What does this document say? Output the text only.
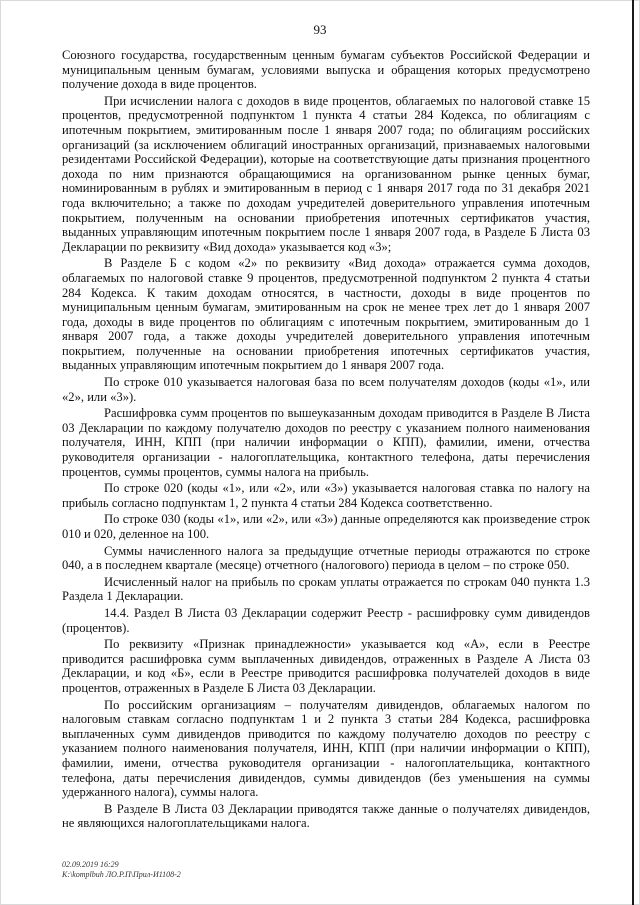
93

Союзного государства, государственным ценным бумагам субъектов Российской Федерации и муниципальным ценным бумагам, условиями выпуска и обращения которых предусмотрено получение дохода в виде процентов.

При исчислении налога с доходов в виде процентов, облагаемых по налоговой ставке 15 процентов, предусмотренной подпунктом 1 пункта 4 статьи 284 Кодекса, по облигациям с ипотечным покрытием, эмитированным после 1 января 2007 года; по облигациям российских организаций (за исключением облигаций иностранных организаций, признаваемых налоговыми резидентами Российской Федерации), которые на соответствующие даты признания процентного дохода по ним признаются обращающимися на организованном рынке ценных бумаг, номинированным в рублях и эмитированным в период с 1 января 2017 года по 31 декабря 2021 года включительно; а также по доходам учредителей доверительного управления ипотечным покрытием, полученным на основании приобретения ипотечных сертификатов участия, выданных управляющим ипотечным покрытием после 1 января 2007 года, в Разделе Б Листа 03 Декларации по реквизиту «Вид дохода» указывается код «3»;

В Разделе Б с кодом «2» по реквизиту «Вид дохода» отражается сумма доходов, облагаемых по налоговой ставке 9 процентов, предусмотренной подпунктом 2 пункта 4 статьи 284 Кодекса. К таким доходам относятся, в частности, доходы в виде процентов по муниципальным ценным бумагам, эмитированным на срок не менее трех лет до 1 января 2007 года, доходы в виде процентов по облигациям с ипотечным покрытием, эмитированным до 1 января 2007 года, а также доходы учредителей доверительного управления ипотечным покрытием, полученные на основании приобретения ипотечных сертификатов участия, выданных управляющим ипотечным покрытием до 1 января 2007 года.

По строке 010 указывается налоговая база по всем получателям доходов (коды «1», или «2», или «3»).

Расшифровка сумм процентов по вышеуказанным доходам приводится в Разделе В Листа 03 Декларации по каждому получателю доходов по реестру с указанием полного наименования получателя, ИНН, КПП (при наличии информации о КПП), фамилии, имени, отчества руководителя организации - налогоплательщика, контактного телефона, даты перечисления процентов, суммы процентов, суммы налога на прибыль.

По строке 020 (коды «1», или «2», или «3») указывается налоговая ставка по налогу на прибыль согласно подпунктам 1, 2 пункта 4 статьи 284 Кодекса соответственно.

По строке 030 (коды «1», или «2», или «3») данные определяются как произведение строк 010 и 020, деленное на 100.

Суммы начисленного налога за предыдущие отчетные периоды отражаются по строке 040, а в последнем квартале (месяце) отчетного (налогового) периода в целом – по строке 050.

Исчисленный налог на прибыль по срокам уплаты отражается по строкам 040 пункта 1.3 Раздела 1 Декларации.

14.4. Раздел В Листа 03 Декларации содержит Реестр - расшифровку сумм дивидендов (процентов).

По реквизиту «Признак принадлежности» указывается код «А», если в Реестре приводится расшифровка сумм выплаченных дивидендов, отраженных в Разделе А Листа 03 Декларации, и код «Б», если в Реестре приводится расшифровка получателей доходов в виде процентов, отраженных в Разделе Б Листа 03 Декларации.

По российским организациям – получателям дивидендов, облагаемых налогом по налоговым ставкам согласно подпунктам 1 и 2 пункта 3 статьи 284 Кодекса, расшифровка выплаченных сумм дивидендов приводится по каждому получателю доходов по реестру с указанием полного наименования получателя, ИНН, КПП (при наличии информации о КПП), фамилии, имени, отчества руководителя организации - налогоплательщика, контактного телефона, даты перечисления дивидендов, суммы дивидендов (без уменьшения на суммы удержанного налога), суммы налога.

В Разделе В Листа 03 Декларации приводятся также данные о получателях дивидендов, не являющихся налогоплательщиками налога.

02.09.2019 16:29
К:\komplbuh ЛО.Р.П\Прил-И1108-2
